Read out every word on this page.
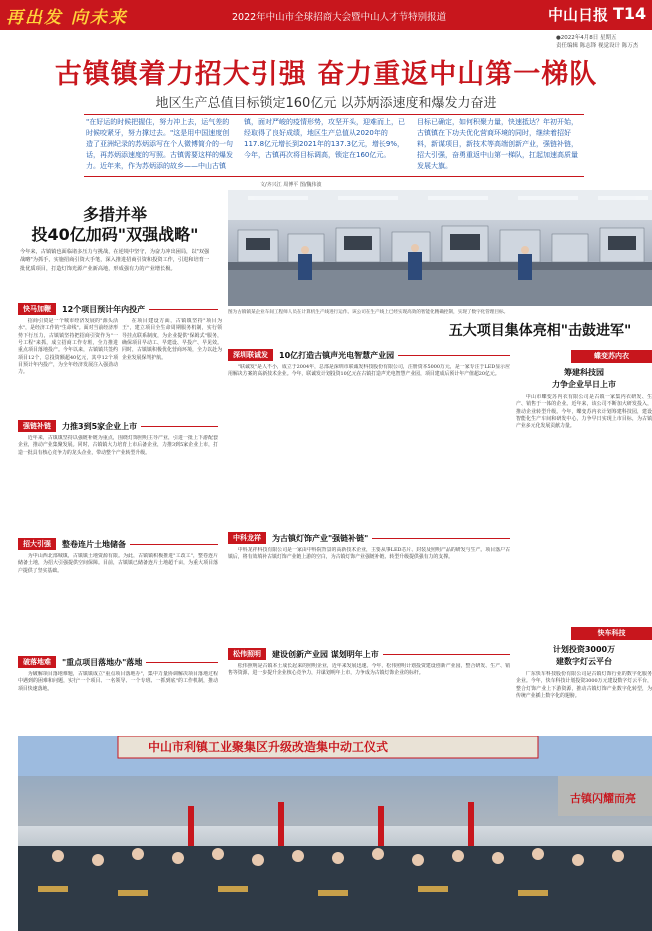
再出发 向未来	2022年中山市全球招商大会暨中山人才节特别报道	中山日报 T14
●2022年4月8日 星期五
责任编辑 陈志锋 视觉设计 陈万杰
古镇镇着力招大引强 奋力重返中山第一梯队
地区生产总值目标锁定160亿元 以苏炳添速度和爆发力奋进
"在好运的时候把握住，努力冲上去，运气差的时候咬紧牙，努力撑过去。"这是用中国速度创造了亚洲纪录的苏炳添写在个人微博简介的一句话，再苏炳添速度的写照。古镇需要这样的爆发力。近年来，作为苏炳添的故乡——中山古镇
镇，面对严峻的疫情形势，攻坚开头，迎难而上，已经取得了良好成绩，地区生产总值从2020年的117.8亿元增长到2021年的137.3亿元，增长9%，今年，古镇再次将目标调高，锁定在160亿元。
目标已确定，如何积聚力量，快速抵达？年初开始，古镇镇在下功夫优化营商环境的同时，继续着招好料，新谋项目，新技术等高端创新产业，强链补链，招大引强，奋勇重返中山第一梯队，扛起加速高质量发展大旗。
文/齐兴江 周博平 图/魏伟波
图为古镇镇某企业车间工程师人员在计算机生产线进行运作。该公司在生产线上已经实现高效的智能化精确控制，实现了数字化管理目标。
多措并举
投40亿加码"双强战略"
今年来，古镇镇也面临诸多压力与挑战，在逆境中坚守，为奋力冲出困局，以"双强战略"为抓手，实施招商引资大手笔，深入推进招商引资和投资工作，引进和培育一批优质项目，打造灯饰光源产业新高地，形成强有力的产业增长极。
快马加鞭	12个项目预计年内投产

招商引资是一个城市经济发展的"源头活水"，是经济工作的"生命线"。面对当前经济形势下行压力，古镇镇坚持把招商引资作为"一号工程"来抓，成立招商工作专班，全力推进重点项目落地投产。今年以来，古镇镇共签约项目12个，总投资额超40亿元，其中12个项目预计年内投产，为全年经济发展注入强劲动力。

在项目建设方面，古镇镇坚持"项目为王"，建立项目全生命周期服务机制，实行领导挂点联系制度，为企业提供"保姆式"服务，确保项目早动工、早建设、早投产、早见效。同时，古镇镇积极优化营商环境，全力以赴为企业发展保驾护航。

强链补链	力推3到5家企业上市

近年来，古镇镇坚持以强链补链为重点，围绕灯饰照明主导产业，引进一批上下游配套企业，推动产业集聚发展。同时，古镇镇大力培育上市后备企业，力推3到5家企业上市，打造一批具有核心竞争力的龙头企业，带动整个产业转型升级。

招大引强	整卷连片土地储备

为中山西北部城镇，古镇镇土地资源有限。为此，古镇镇积极推进"工改工"，整卷连片储备土地，为招大引强提供空间保障。目前，古镇镇已储备连片土地超千亩，为重大项目落户提供了坚实基础。

破落地难	"重点项目落地办"落地

为破解项目落地难题，古镇镇成立"重点项目落地办"，集中力量协调解决项目落地过程中遇到的困难和问题，实行"一个项目、一名领导、一个专班、一抓到底"的工作机制，推动项目快速落地。

五大项目集体亮相"击鼓进军"
深圳联诚发	10亿打造古镇声光电智慧产业园

"联诚发"是人不小，成立于2004年，总部是深圳市联诚发科技股份有限公司，注册资本5000万元，是一家专注于LED显示应用解决方案的高新技术企业。今年，联诚发计划投资10亿元在古镇打造声光电智慧产业园，项目建成后预计年产值超20亿元。

中科龙祥	为古镇灯饰产业"强链补链"

中科龙祥科技有限公司是一家由中科院背景的高新技术企业，主要从事LED芯片、封装及照明产品的研发与生产。项目落户古镇后，将有效填补古镇灯饰产业链上游的空白，为古镇灯饰产业强链补链、转型升级提供强有力的支撑。

松伟照明	建设创新产业园 谋划明年上市

松伟照明是古镇本土成长起来的照明企业，近年来发展迅速。今年，松伟照明计划投资建设创新产业园，整合研发、生产、销售等资源，进一步提升企业核心竞争力，并谋划明年上市，力争成为古镇灯饰企业的标杆。

蝶变苏内衣
筹建科技园
力争企业早日上市

中山市蝶变苏内衣有限公司是古镇一家集内衣研发、生产、销售于一体的企业。近年来，该公司不断加大研发投入，推动企业转型升级。今年，蝶变苏内衣计划筹建科技园，建设智能化生产车间和研发中心，力争早日实现上市目标，为古镇产业多元化发展贡献力量。

快车科技
计划投资3000万
建数字灯云平台

广东快车科技股份有限公司是古镇灯饰行业的数字化服务企业。今年，快车科技计划投资3000万元建设数字灯云平台，整合灯饰产业上下游资源，推动古镇灯饰产业数字化转型，为传统产业插上数字化的翅膀。

中山市利镇工业聚集区升级改造集中动工仪式
古镇闪耀而亮
